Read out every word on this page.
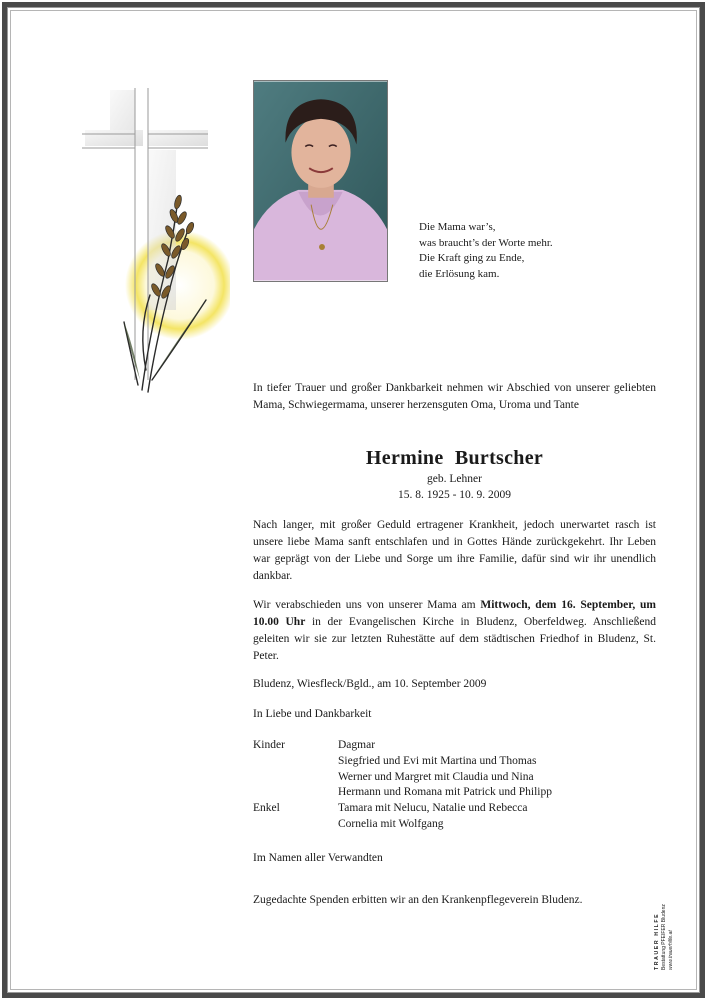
Die Mama war’s,
was braucht’s der Worte mehr.
Die Kraft ging zu Ende,
die Erlösung kam.
In tiefer Trauer und großer Dankbarkeit nehmen wir Abschied von unserer geliebten Mama, Schwiegermama, unserer herzensguten Oma, Uroma und Tante
Hermine Burtscher
geb. Lehner
15. 8. 1925 - 10. 9. 2009
Nach langer, mit großer Geduld ertragener Krankheit, jedoch unerwartet rasch ist unsere liebe Mama sanft entschlafen und in Gottes Hände zurückgekehrt. Ihr Leben war geprägt von der Liebe und Sorge um ihre Familie, dafür sind wir ihr unendlich dankbar.
Wir verabschieden uns von unserer Mama am Mittwoch, dem 16. September, um 10.00 Uhr in der Evangelischen Kirche in Bludenz, Oberfeldweg. Anschließend geleiten wir sie zur letzten Ruhestätte auf dem städtischen Friedhof in Bludenz, St. Peter.
Bludenz, Wiesfleck/Bgld., am 10. September 2009
In Liebe und Dankbarkeit
Kinder	Dagmar
Siegfried und Evi mit Martina und Thomas
Werner und Margret mit Claudia und Nina
Hermann und Romana mit Patrick und Philipp
Enkel	Tamara mit Nelucu, Natalie und Rebecca
Cornelia mit Wolfgang
Im Namen aller Verwandten
Zugedachte Spenden erbitten wir an den Krankenpflegeverein Bludenz.
TRAUER HILFE Bestattung PFEIFER Bludenz www.trauerhilfe.at
